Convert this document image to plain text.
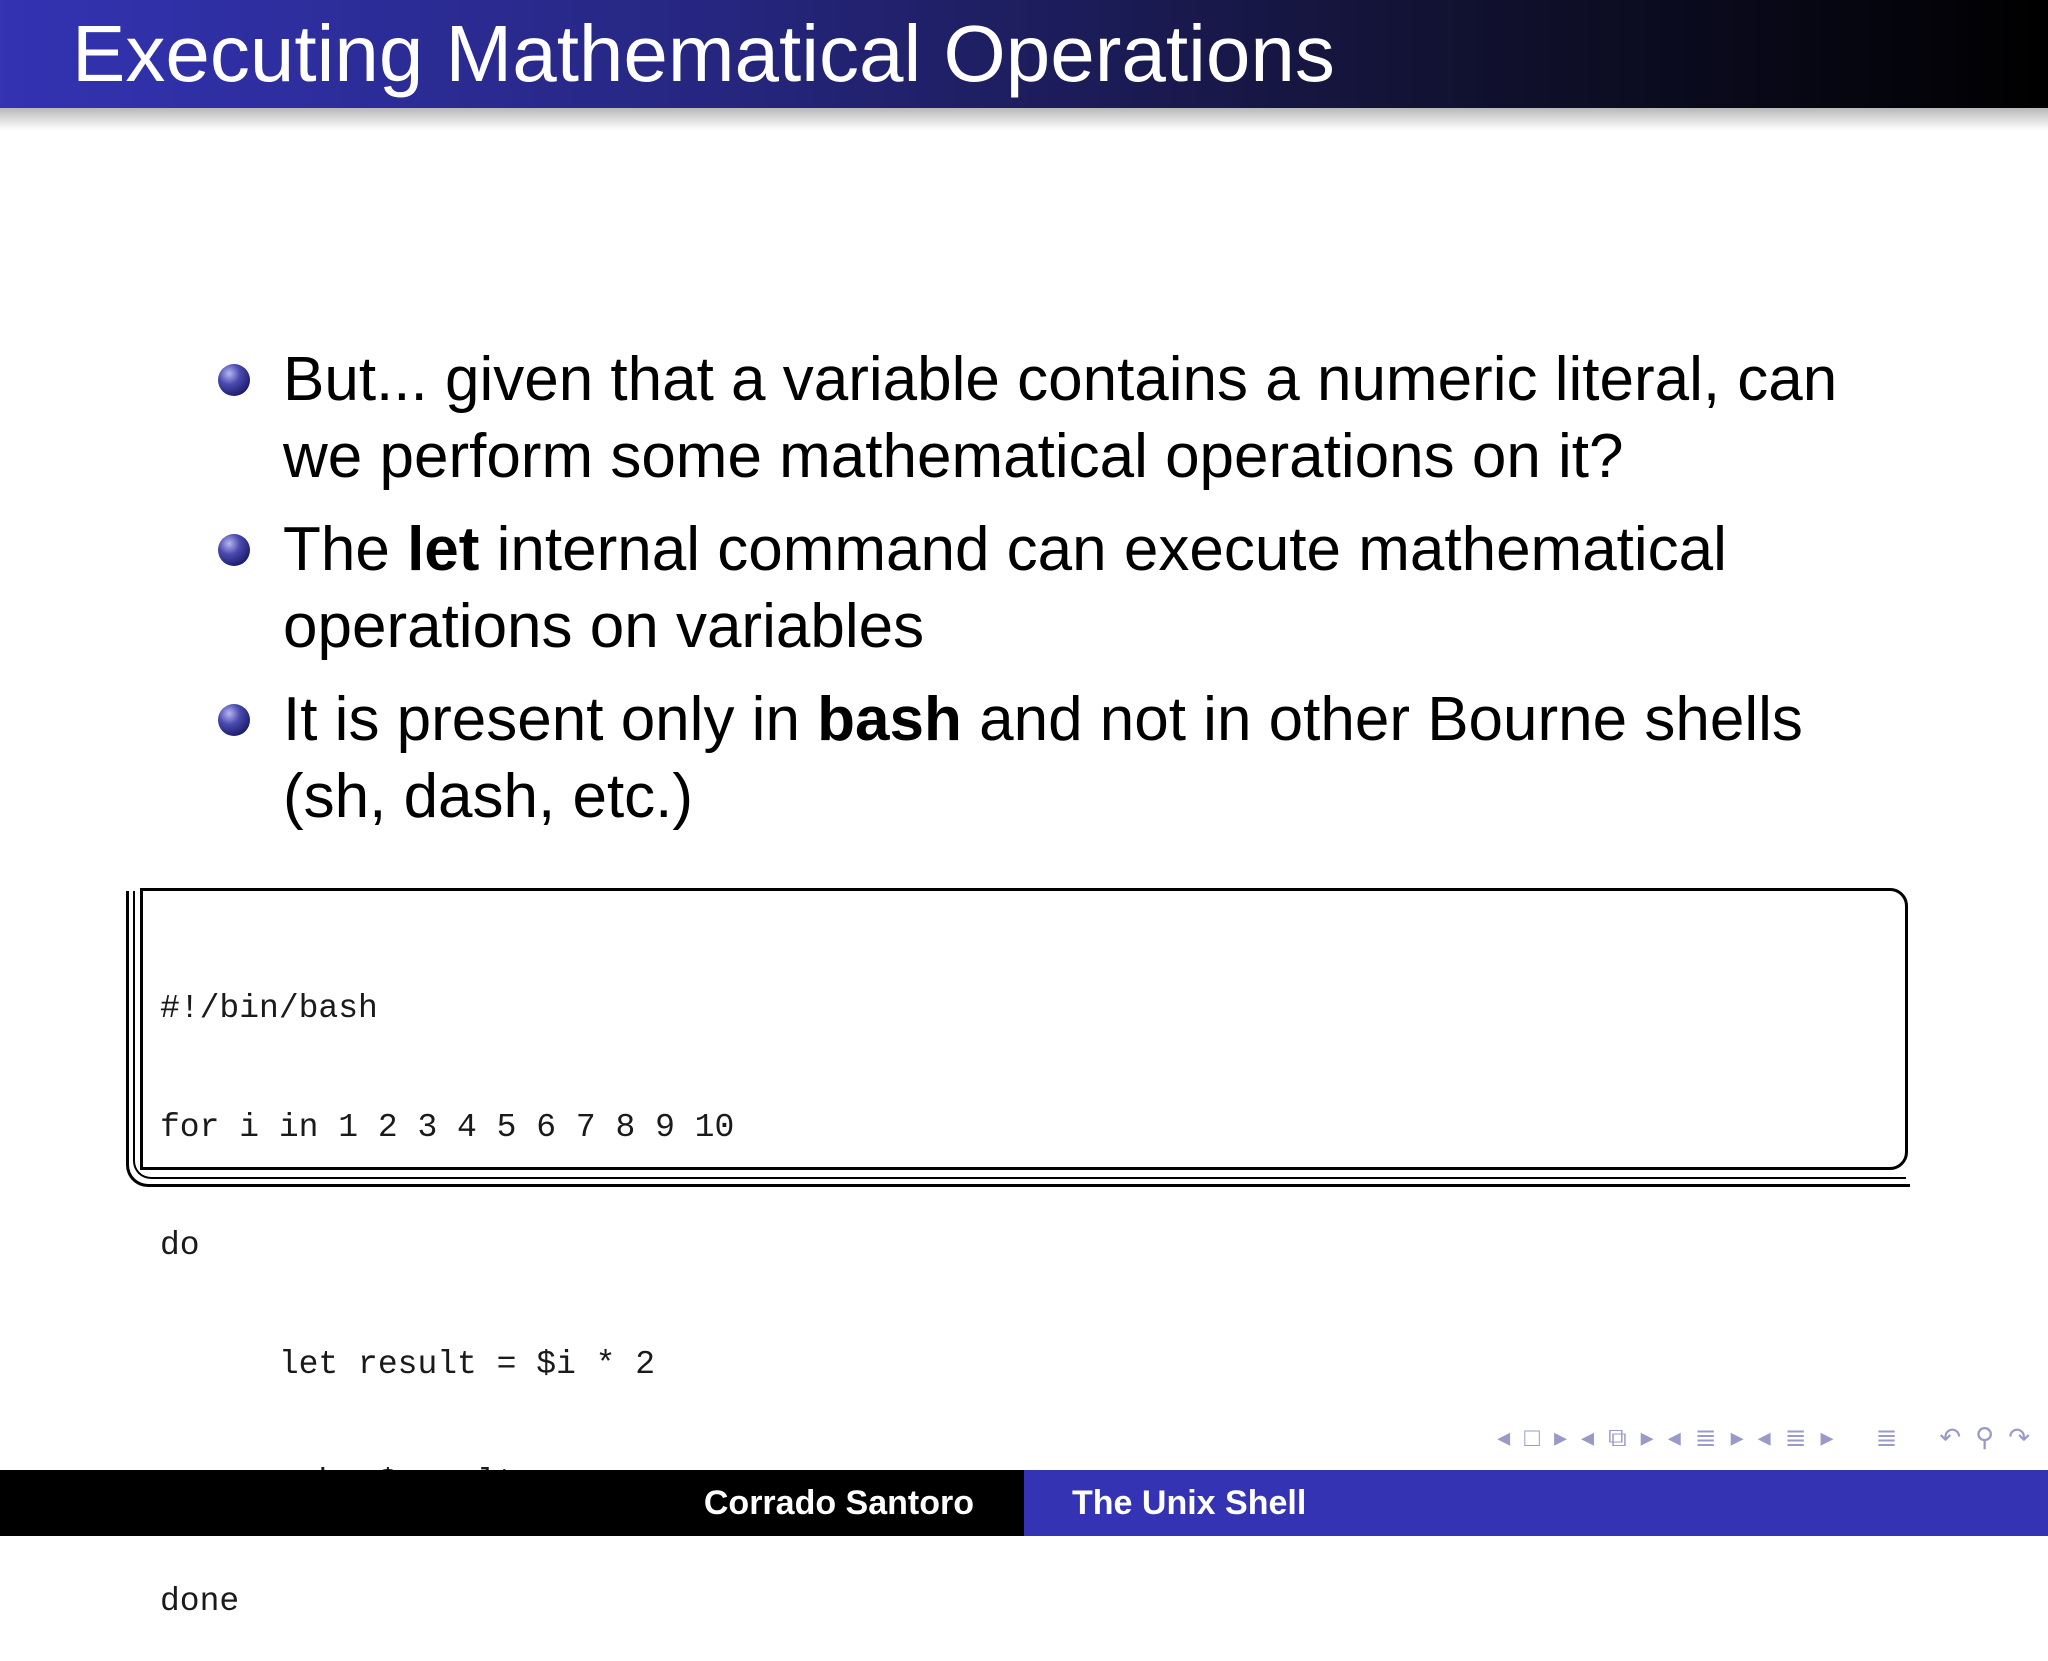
Executing Mathematical Operations
But... given that a variable contains a numeric literal, can
we perform some mathematical operations on it?
The let internal command can execute mathematical
operations on variables
It is present only in bash and not in other Bourne shells
(sh, dash, etc.)

#!/bin/bash

for i in 1 2 3 4 5 6 7 8 9 10

do

let result = $i * 2

done

◂ □ ▸ ◂ ⧉ ▸ ◂ ≣ ▸ ◂ ≣ ▸ ≣ ↶ ⚲ ↷
Corrado Santoro	The Unix Shell
